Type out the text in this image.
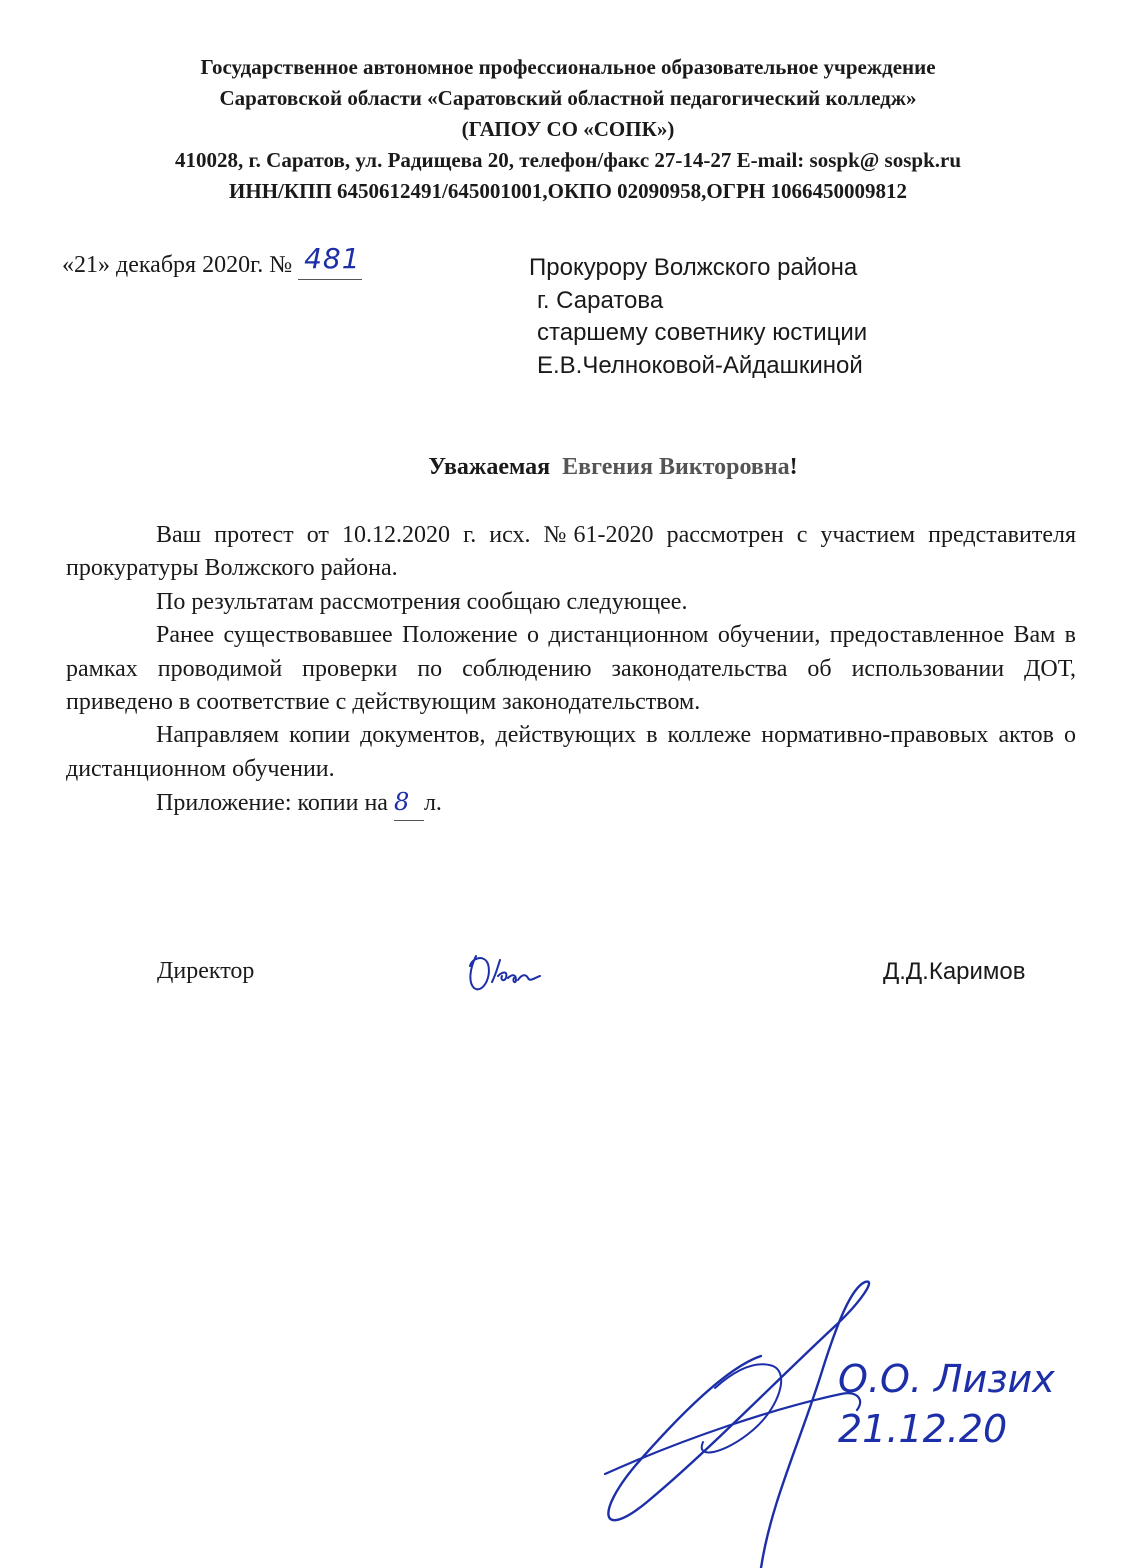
Государственное автономное профессиональное образовательное учреждение
Саратовской области «Саратовский областной педагогический колледж»
(ГАПОУ СО «СОПК»)
410028, г. Саратов, ул. Радищева 20, телефон/факс 27-14-27 E-mail: sospk@ sospk.ru
ИНН/КПП 6450612491/645001001,ОКПО 02090958,ОГРН 1066450009812
«21» декабря 2020г. № 481	Прокурору Волжского района
г. Саратова
старшему советнику юстиции
Е.В.Челноковой-Айдашкиной
Уважаемая Евгения Викторовна!

Ваш протест от 10.12.2020 г. исх. №61-2020 рассмотрен с участием представителя прокуратуры Волжского района.

По результатам рассмотрения сообщаю следующее.

Ранее существовавшее Положение о дистанционном обучении, предоставленное Вам в рамках проводимой проверки по соблюдению законодательства об использовании ДОТ, приведено в соответствие с действующим законодательством.

Направляем копии документов, действующих в коллеже нормативно-правовых актов о дистанционном обучении.

Приложение: копии на 8 л.

Директор	Д.Д.Каримов
О.О. Лизих
21.12.20
